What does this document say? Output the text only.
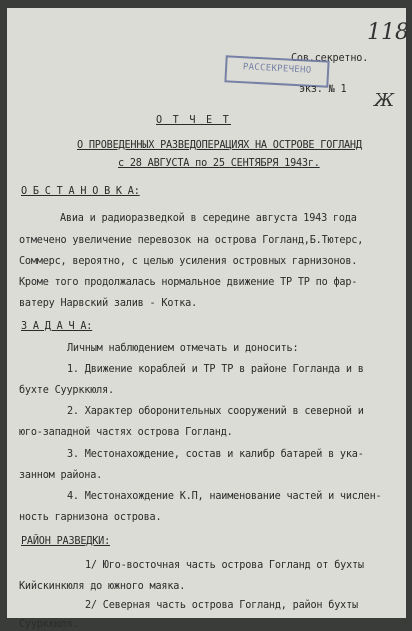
118
Сов.секретно.
РАССЕКРЕЧЕНО
экз. № 1
Ж
О Т Ч Е Т
О ПРОВЕДЕННЫХ РАЗВЕДОПЕРАЦИЯХ НА ОСТРОВЕ ГОГЛАНД
с 28 АВГУСТА по 25 СЕНТЯБРЯ 1943г.
О Б С Т А Н О В К А:
Авиа и радиоразведкой в середине августа 1943 года
отмечено увеличение перевозок на острова Гогланд,Б.Тютерс,
Соммерс, вероятно, с целью усиления островных гарнизонов.
Кроме того продолжалась нормальное движение ТР ТР по фар-
ватеру Нарвский залив - Котка.
З А Д А Ч А:
Личным наблюдением отмечать и доносить:
1. Движение кораблей и ТР ТР в районе Гогланда и в
бухте Суурккюля.
2. Характер оборонительных сооружений в северной и
юго-западной частях острова Гогланд.
3. Местонахождение, состав и калибр батарей в ука-
занном района.
4. Местонахождение К.П, наименование частей и числен-
ность гарнизона острова.
РАЙОН РАЗВЕДКИ:
1/ Юго-восточная часть острова Гогланд от бухты
Кийскинкюля до южного маяка.
2/ Северная часть острова Гогланд, район бухты
Суурккюля.
